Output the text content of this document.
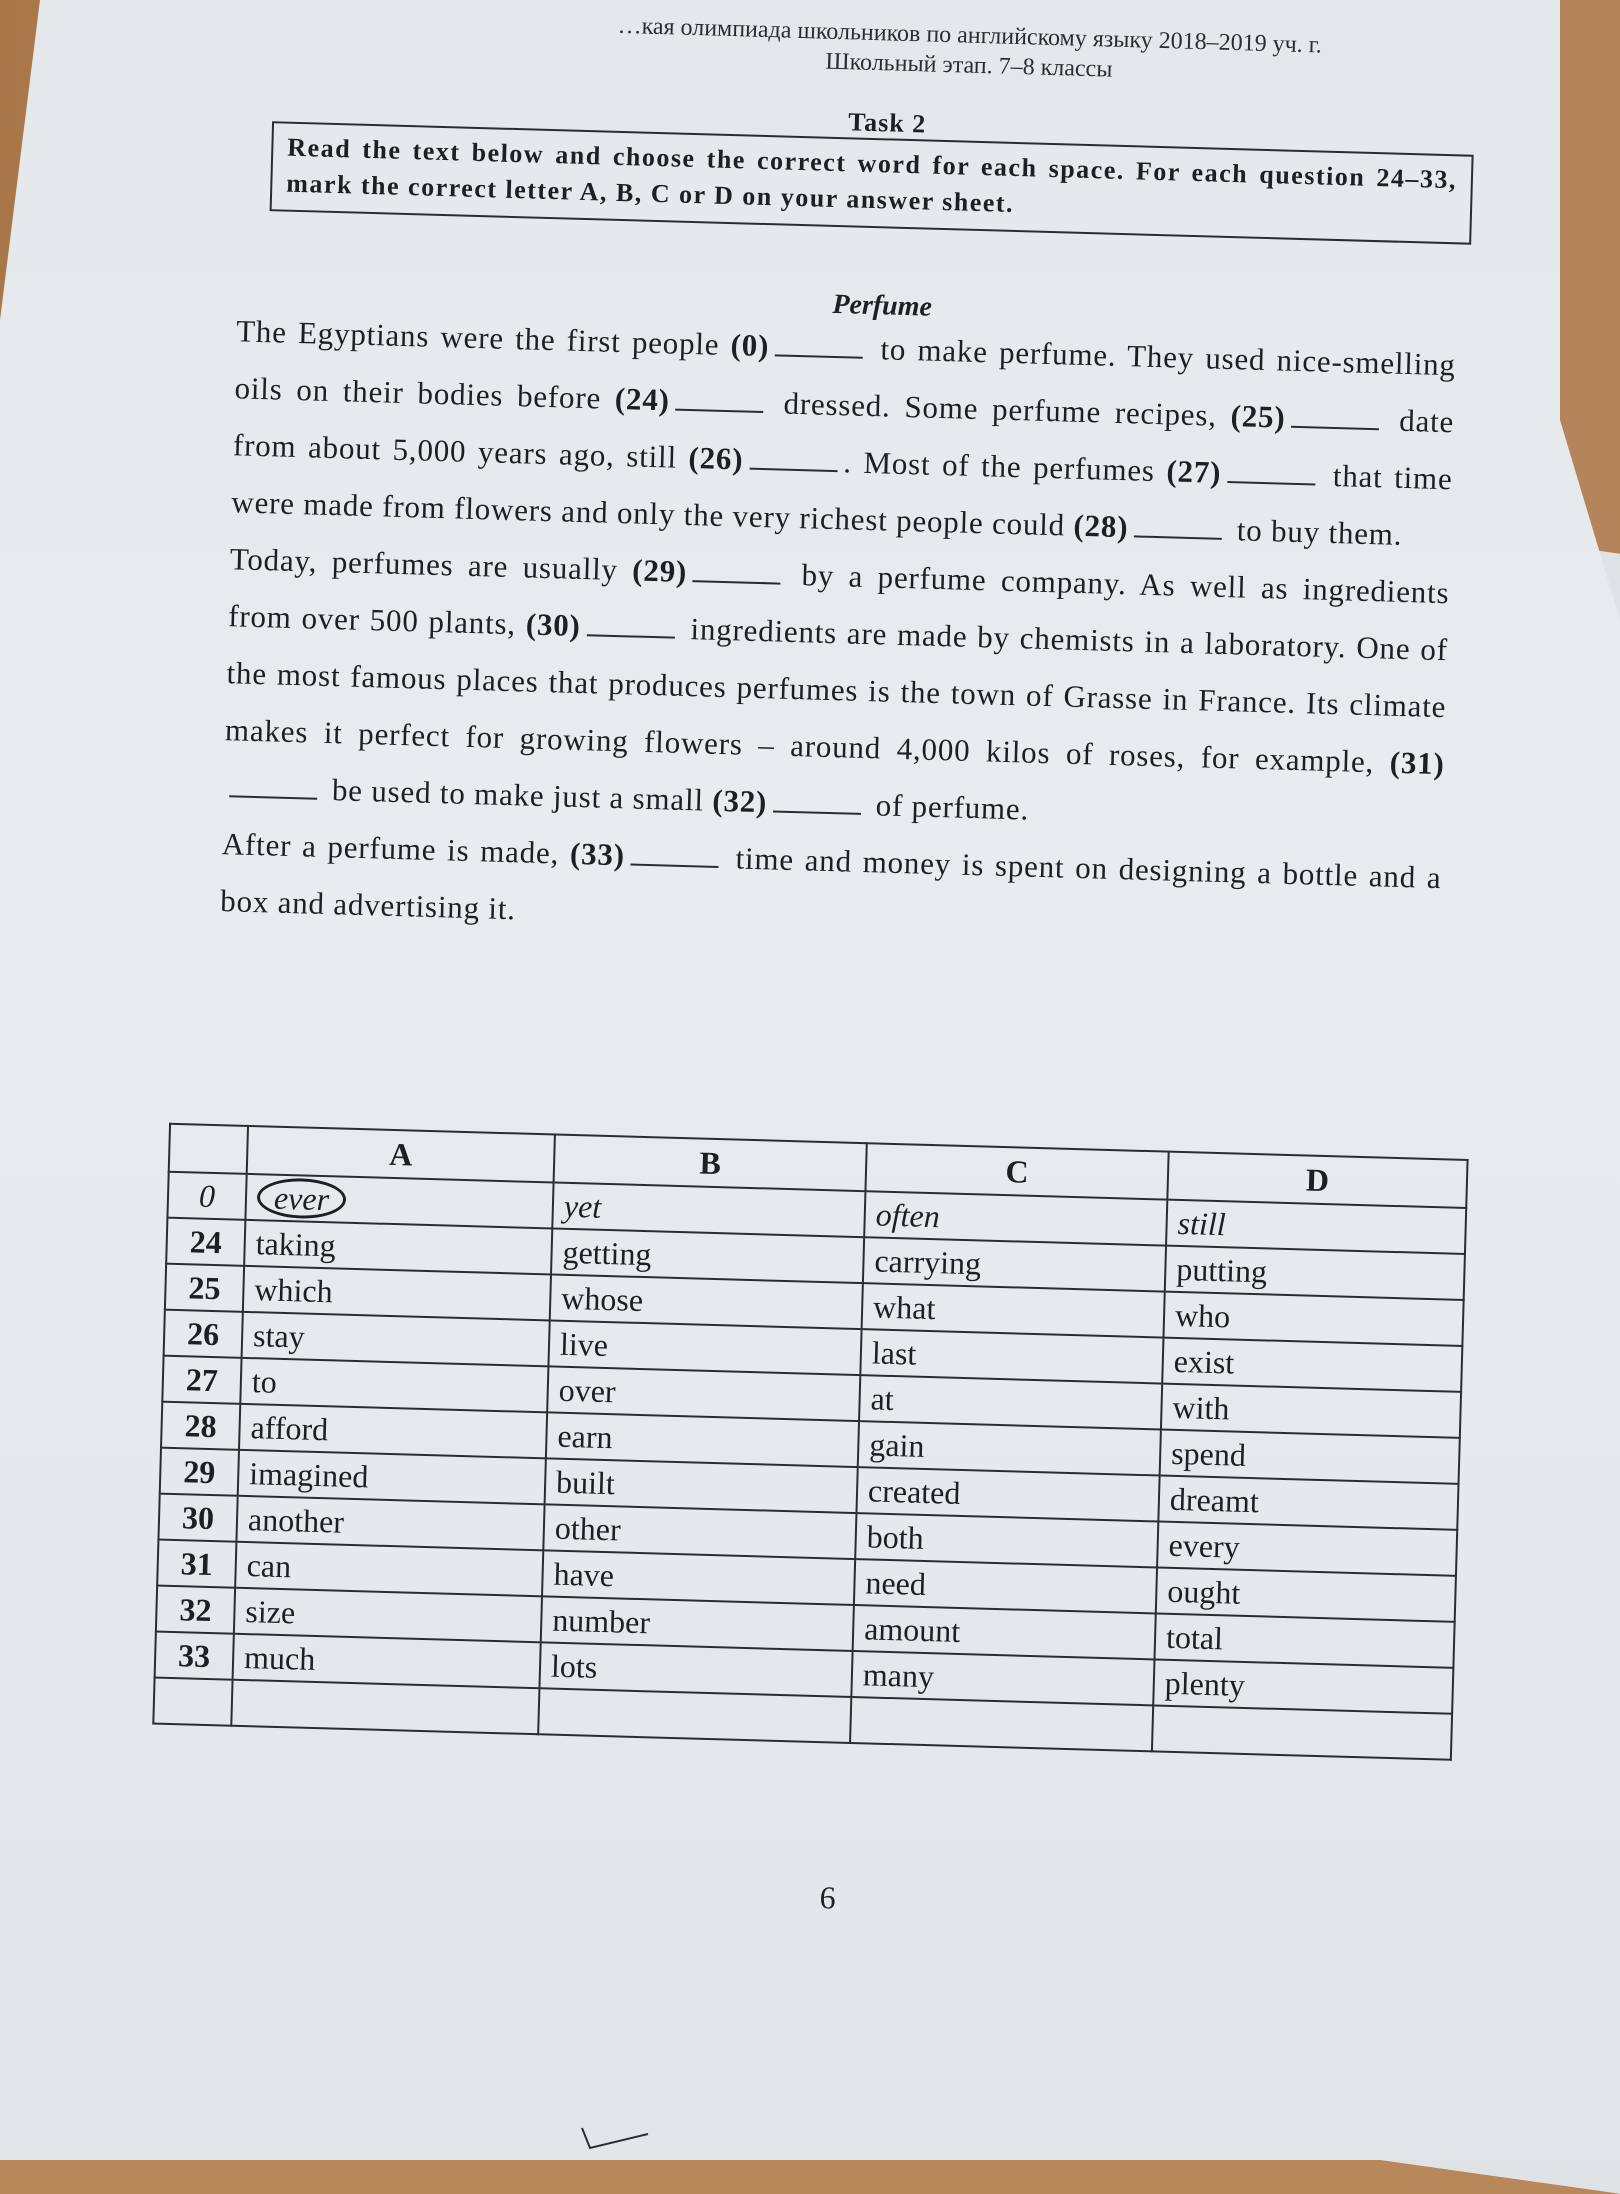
…кая олимпиада школьников по английскому языку 2018–2019 уч. г.
Школьный этап. 7–8 классы
Task 2
Read the text below and choose the correct word for each space. For each question 24–33, mark the correct letter A, B, C or D on your answer sheet.
Perfume

The Egyptians were the first people (0)	to make perfume. They used nice-smelling oils on their bodies before (24)	dressed. Some perfume recipes, (25)	date from about 5,000 years ago, still (26)	. Most of the perfumes (27)	that time were made from flowers and only the very richest people could (28)	to buy them.

Today, perfumes are usually (29)	by a perfume company. As well as ingredients from over 500 plants, (30)	ingredients are made by chemists in a laboratory. One of the most famous places that produces perfumes is the town of Grasse in France. Its climate makes it perfect for growing flowers – around 4,000 kilos of roses, for example, (31) be used to make just a small (32)	of perfume.

After a perfume is made, (33)	time and money is spent on designing a bottle and a box and advertising it.

	A	B	C	D
0	ever	yet	often	still
24	taking	getting	carrying	putting
25	which	whose	what	who
26	stay	live	last	exist
27	to	over	at	with
28	afford	earn	gain	spend
29	imagined	built	created	dreamt
30	another	other	both	every
31	can	have	need	ought
32	size	number	amount	total
33	much	lots	many	plenty

6
